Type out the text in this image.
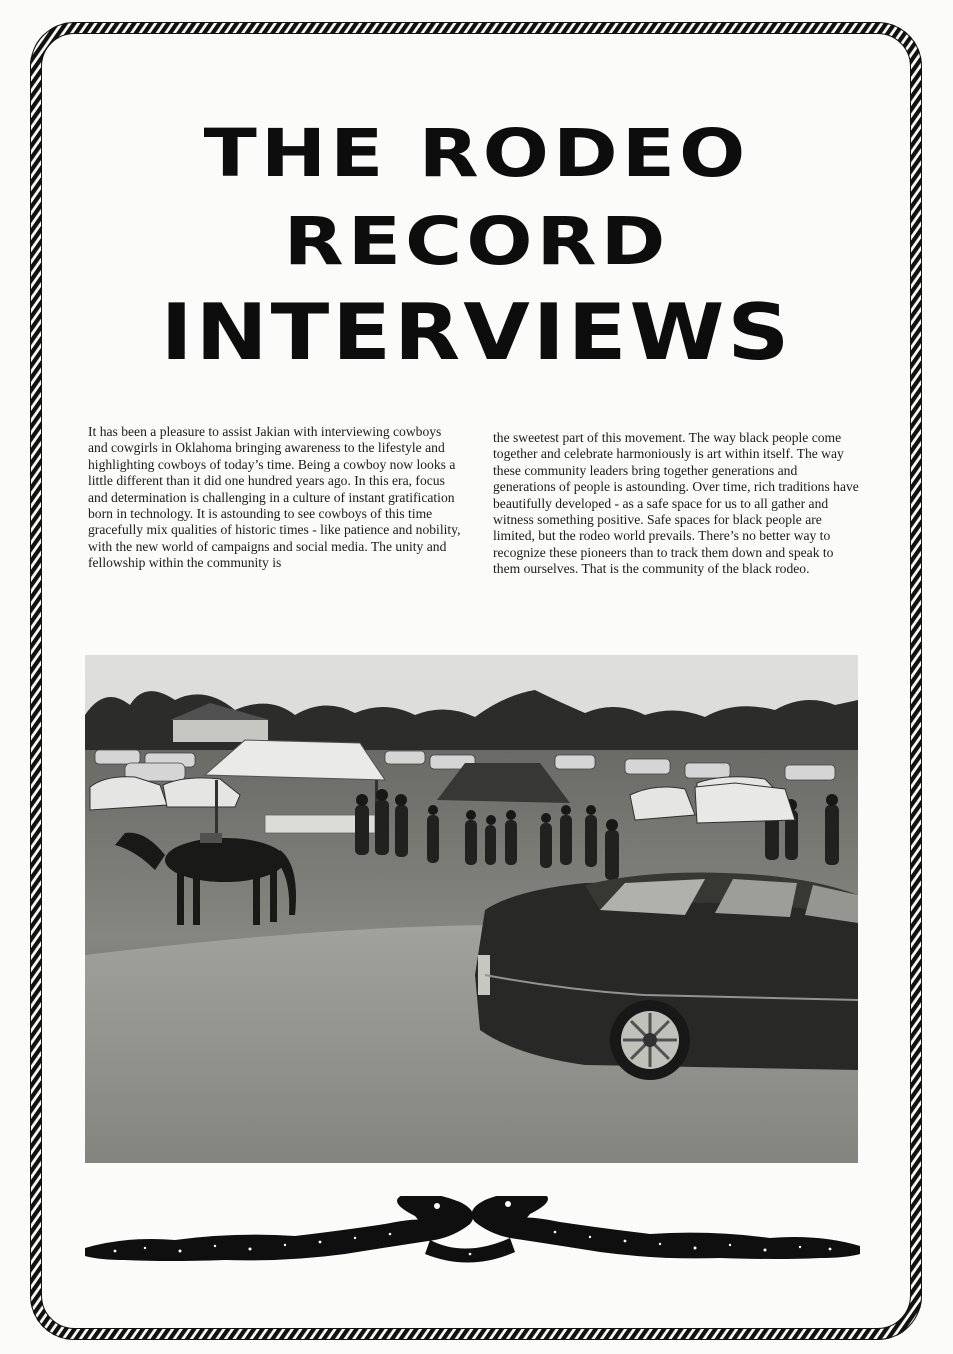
THE RODEO
RECORD
INTERVIEWS

It has been a pleasure to assist Jakian with interviewing cowboys and cowgirls in Oklahoma bringing awareness to the lifestyle and highlighting cowboys of today’s time. Being a cowboy now looks a little different than it did one hundred years ago. In this era, focus and determination is challenging in a culture of instant gratification born in technology. It is astounding to see cowboys of this time gracefully mix qualities of historic times - like patience and nobility, with the new world of campaigns and social media. The unity and fellowship within the community is

the sweetest part of this movement. The way black people come together and celebrate harmoniously is art within itself. The way these community leaders bring together generations and generations of people is astounding. Over time, rich traditions have beautifully developed - as a safe space for us to all gather and witness something positive. Safe spaces for black people are limited, but the rodeo world prevails. There’s no better way to recognize these pioneers than to track them down and speak to them ourselves. That is the community of the black rodeo.
